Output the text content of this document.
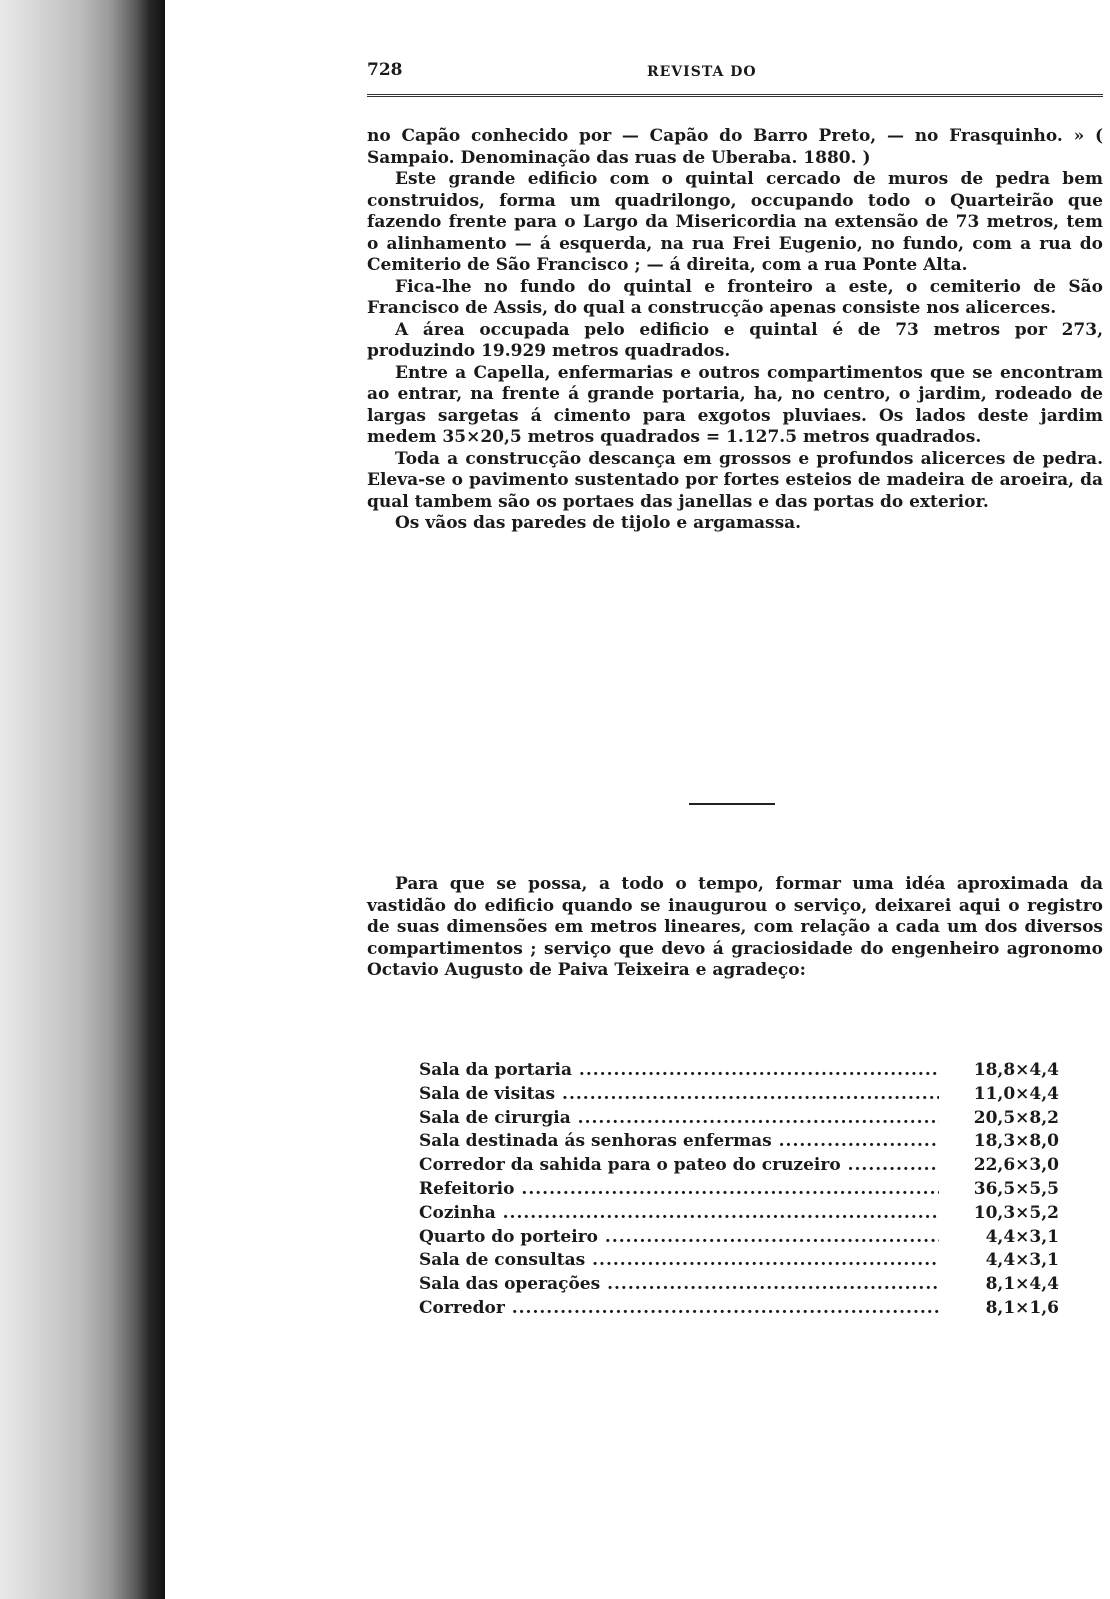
728	REVISTA DO

no Capão conhecido por — Capão do Barro Preto, — no Frasquinho. » ( Sampaio. Denominação das ruas de Uberaba. 1880. )

Este grande edificio com o quintal cercado de muros de pedra bem construidos, forma um quadrilongo, occupando todo o Quarteirão que fazendo frente para o Largo da Misericordia na extensão de 73 metros, tem o alinhamento — á esquerda, na rua Frei Eugenio, no fundo, com a rua do Cemiterio de São Francisco ; — á direita, com a rua Ponte Alta.

Fica-lhe no fundo do quintal e fronteiro a este, o cemiterio de São Francisco de Assis, do qual a construcção apenas consiste nos alicerces.

A área occupada pelo edificio e quintal é de 73 metros por 273, produzindo 19.929 metros quadrados.

Entre a Capella, enfermarias e outros compartimentos que se encontram ao entrar, na frente á grande portaria, ha, no centro, o jardim, rodeado de largas sargetas á cimento para exgotos pluviaes. Os lados deste jardim medem 35×20,5 metros quadrados = 1.127.5 metros quadrados.

Toda a construcção descança em grossos e profundos alicerces de pedra. Eleva-se o pavimento sustentado por fortes esteios de madeira de aroeira, da qual tambem são os portaes das janellas e das portas do exterior.

Os vãos das paredes de tijolo e argamassa.

Para que se possa, a todo o tempo, formar uma idéa aproximada da vastidão do edificio quando se inaugurou o serviço, deixarei aqui o registro de suas dimensões em metros lineares, com relação a cada um dos diversos compartimentos ; serviço que devo á graciosidade do engenheiro agronomo Octavio Augusto de Paiva Teixeira e agradeço:

Sala da portaria .....	18,8×4,4
Sala de visitas .....	11,0×4,4
Sala de cirurgia .....	20,5×8,2
Sala destinada ás senhoras enfermas .....	18,3×8,0
Corredor da sahida para o pateo do cruzeiro .....	22,6×3,0
Refeitorio .....	36,5×5,5
Cozinha .....	10,3×5,2
Quarto do porteiro .....	4,4×3,1
Sala de consultas .....	4,4×3,1
Sala das operações .....	8,1×4,4
Corredor .....	8,1×1,6
